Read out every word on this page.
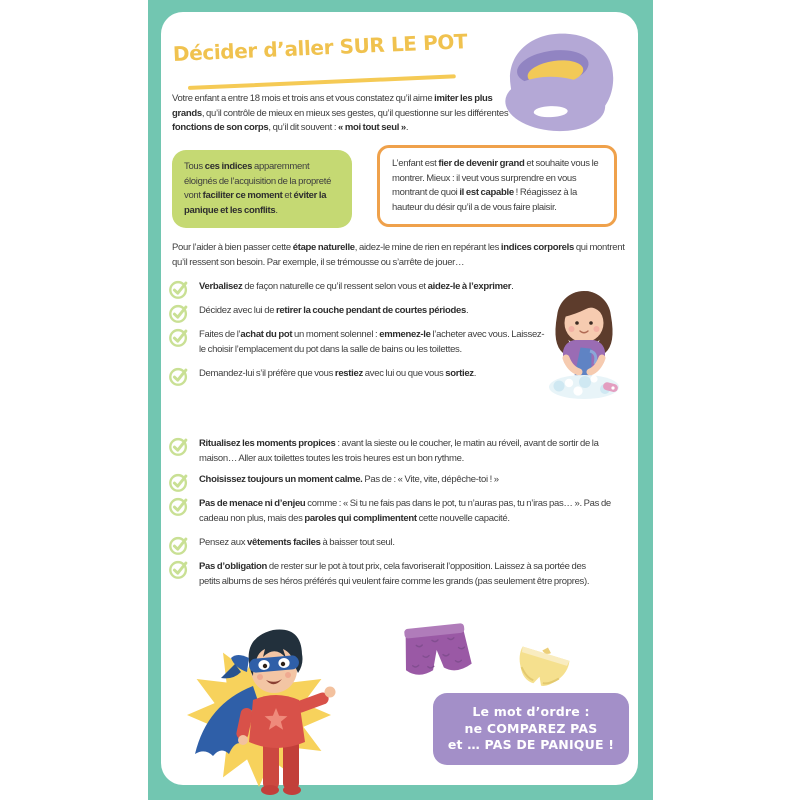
Décider d’aller SUR LE POT

Votre enfant a entre 18 mois et trois ans et vous constatez qu’il aime imiter les plus grands, qu’il contrôle de mieux en mieux ses gestes, qu’il questionne sur les différentes fonctions de son corps, qu’il dit souvent : « moi tout seul ».

Tous ces indices apparemment éloignés de l’acquisition de la propreté vont faciliter ce moment et éviter la panique et les conflits.

L’enfant est fier de devenir grand et souhaite vous le montrer. Mieux : il veut vous surprendre en vous montrant de quoi il est capable ! Réagissez à la hauteur du désir qu’il a de vous faire plaisir.

Pour l’aider à bien passer cette étape naturelle, aidez-le mine de rien en repérant les indices corporels qui montrent qu’il ressent son besoin. Par exemple, il se trémousse ou s’arrête de jouer…

Verbalisez de façon naturelle ce qu’il ressent selon vous et aidez-le à l’exprimer.

Décidez avec lui de retirer la couche pendant de courtes périodes.

Faites de l’achat du pot un moment solennel : emmenez-le l’acheter avec vous. Laissez-le choisir l’emplacement du pot dans la salle de bains ou les toilettes.

Demandez-lui s’il préfère que vous restiez avec lui ou que vous sortiez.

Ritualisez les moments propices : avant la sieste ou le coucher, le matin au réveil, avant de sortir de la maison… Aller aux toilettes toutes les trois heures est un bon rythme.

Choisissez toujours un moment calme. Pas de : « Vite, vite, dépêche-toi ! »

Pas de menace ni d’enjeu comme : « Si tu ne fais pas dans le pot, tu n’auras pas, tu n’iras pas… ». Pas de cadeau non plus, mais des paroles qui complimentent cette nouvelle capacité.

Pensez aux vêtements faciles à baisser tout seul.

Pas d’obligation de rester sur le pot à tout prix, cela favoriserait l’opposition. Laissez à sa portée des petits albums de ses héros préférés qui veulent faire comme les grands (pas seulement être propres).

Le mot d’ordre :
ne COMPAREZ PAS
et … PAS DE PANIQUE !
